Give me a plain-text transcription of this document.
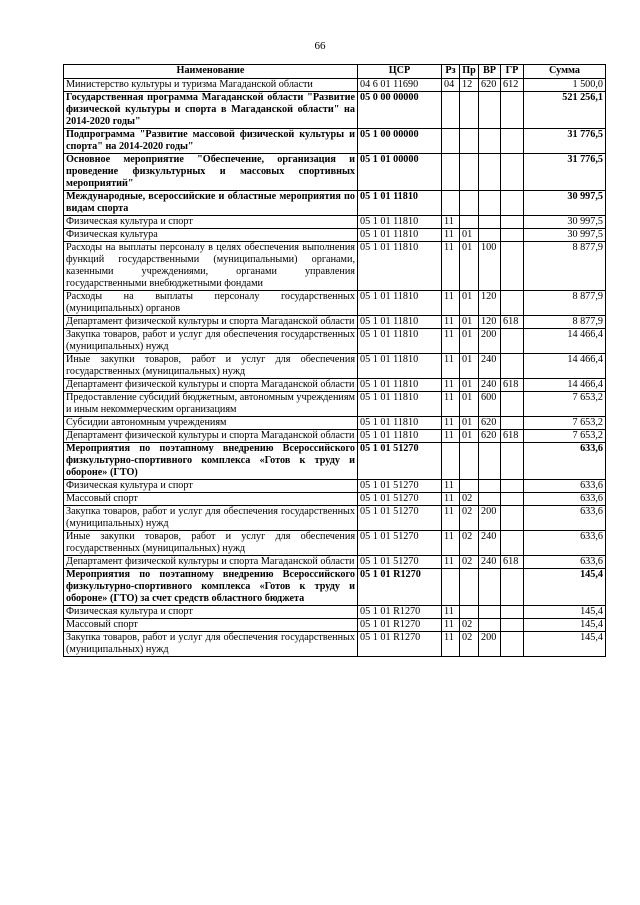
66
Наименование	ЦСР	Рз	Пр	ВР	ГР	Сумма
Министерство культуры и туризма Магаданской области	04 6 01 11690	04	12	620	612	1 500,0
Государственная программа Магаданской области "Развитие физической культуры и спорта в Магаданской области" на 2014-2020 годы"	05 0 00 00000					521 256,1
Подпрограмма "Развитие массовой физической культуры и спорта" на 2014-2020 годы"	05 1 00 00000					31 776,5
Основное мероприятие "Обеспечение, организация и проведение физкультурных и массовых спортивных мероприятий"	05 1 01 00000					31 776,5
Международные, всероссийские и областные мероприятия по видам спорта	05 1 01 11810					30 997,5
Физическая культура и спорт	05 1 01 11810	11				30 997,5
Физическая культура	05 1 01 11810	11	01			30 997,5
Расходы на выплаты персоналу в целях обеспечения выполнения функций государственными (муниципальными) органами, казенными учреждениями, органами управления государственными внебюджетными фондами	05 1 01 11810	11	01	100		8 877,9
Расходы на выплаты персоналу государственных (муниципальных) органов	05 1 01 11810	11	01	120		8 877,9
Департамент физической культуры и спорта Магаданской области	05 1 01 11810	11	01	120	618	8 877,9
Закупка товаров, работ и услуг для обеспечения государственных (муниципальных) нужд	05 1 01 11810	11	01	200		14 466,4
Иные закупки товаров, работ и услуг для обеспечения государственных (муниципальных) нужд	05 1 01 11810	11	01	240		14 466,4
Департамент физической культуры и спорта Магаданской области	05 1 01 11810	11	01	240	618	14 466,4
Предоставление субсидий бюджетным, автономным учреждениям и иным некоммерческим организациям	05 1 01 11810	11	01	600		7 653,2
Субсидии автономным учреждениям	05 1 01 11810	11	01	620		7 653,2
Департамент физической культуры и спорта Магаданской области	05 1 01 11810	11	01	620	618	7 653,2
Мероприятия по поэтапному внедрению Всероссийского физкультурно-спортивного комплекса «Готов к труду и обороне» (ГТО)	05 1 01 51270					633,6
Физическая культура и спорт	05 1 01 51270	11				633,6
Массовый спорт	05 1 01 51270	11	02			633,6
Закупка товаров, работ и услуг для обеспечения государственных (муниципальных) нужд	05 1 01 51270	11	02	200		633,6
Иные закупки товаров, работ и услуг для обеспечения государственных (муниципальных) нужд	05 1 01 51270	11	02	240		633,6
Департамент физической культуры и спорта Магаданской области	05 1 01 51270	11	02	240	618	633,6
Мероприятия по поэтапному внедрению Всероссийского физкультурно-спортивного комплекса «Готов к труду и обороне» (ГТО) за счет средств областного бюджета	05 1 01 R1270					145,4
Физическая культура и спорт	05 1 01 R1270	11				145,4
Массовый спорт	05 1 01 R1270	11	02			145,4
Закупка товаров, работ и услуг для обеспечения государственных (муниципальных) нужд	05 1 01 R1270	11	02	200		145,4
